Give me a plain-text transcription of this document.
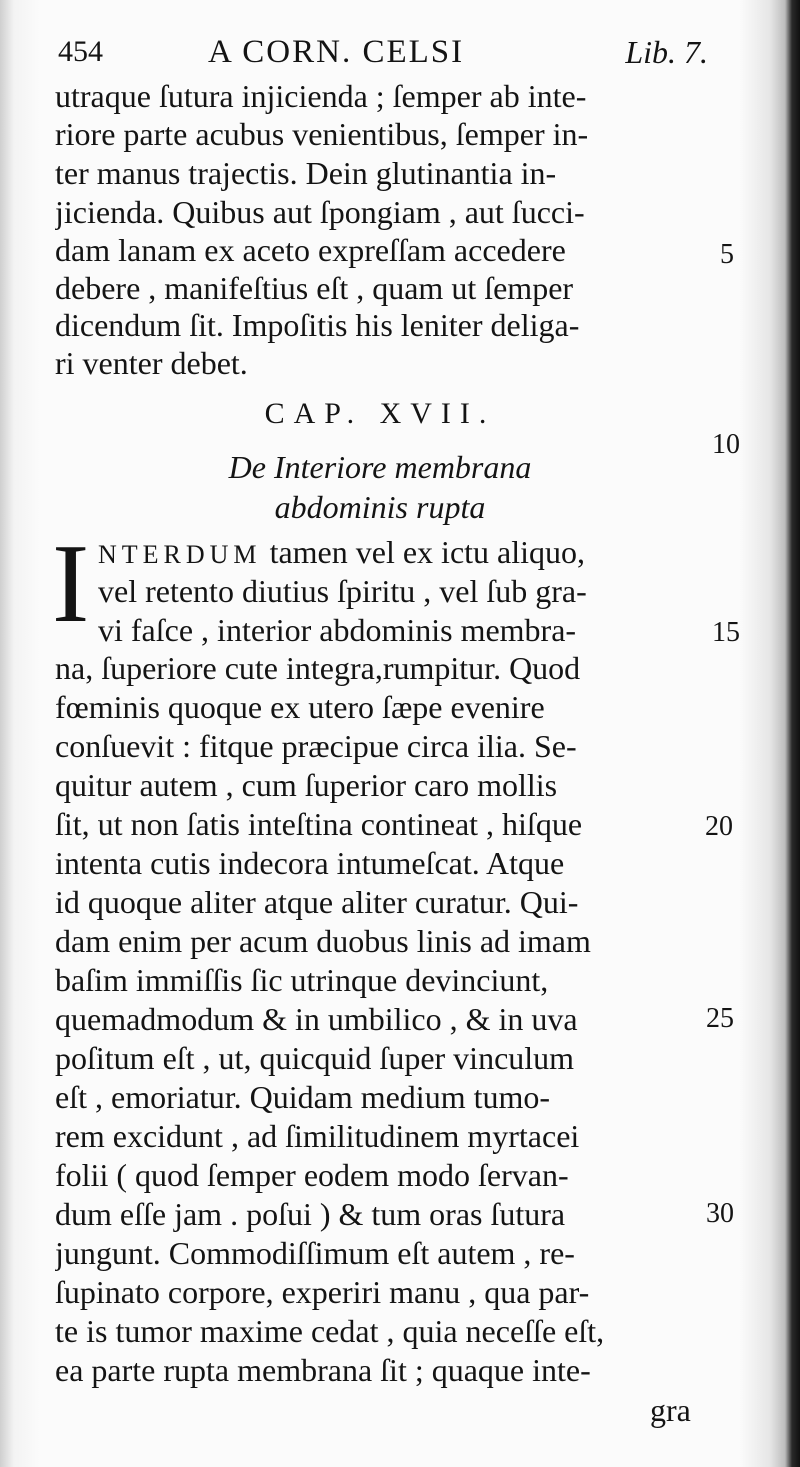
454	A CORN. CELSI	Lib. 7.
utraque ſutura injicienda ; ſemper ab inte-
riore parte acubus venientibus, ſemper in-
ter manus trajectis. Dein glutinantia in-
jicienda. Quibus aut ſpongiam , aut ſucci-
dam lanam ex aceto expreſſam accedere
debere , manifeſtius eſt , quam ut ſemper
dicendum ſit. Impoſitis his leniter deliga-
ri venter debet.
CAP. XVII.
De Interiore membrana
abdominis rupta
I NTERDUM tamen vel ex ictu aliquo,
vel retento diutius ſpiritu , vel ſub gra-
vi faſce , interior abdominis membra-
na, ſuperiore cute integra,rumpitur. Quod
fœminis quoque ex utero ſæpe evenire
conſuevit : fitque præcipue circa ilia. Se-
quitur autem , cum ſuperior caro mollis
ſit, ut non ſatis inteſtina contineat , hiſque
intenta cutis indecora intumeſcat. Atque
id quoque aliter atque aliter curatur. Qui-
dam enim per acum duobus linis ad imam
baſim immiſſis ſic utrinque devinciunt,
quemadmodum & in umbilico , & in uva
poſitum eſt , ut, quicquid ſuper vinculum
eſt , emoriatur. Quidam medium tumo-
rem excidunt , ad ſimilitudinem myrtacei
folii ( quod ſemper eodem modo ſervan-
dum eſſe jam . poſui ) & tum oras ſutura
jungunt. Commodiſſimum eſt autem , re-
ſupinato corpore, experiri manu , qua par-
te is tumor maxime cedat , quia neceſſe eſt,
ea parte rupta membrana ſit ; quaque inte-
gra
5
10
15
20
25
30
